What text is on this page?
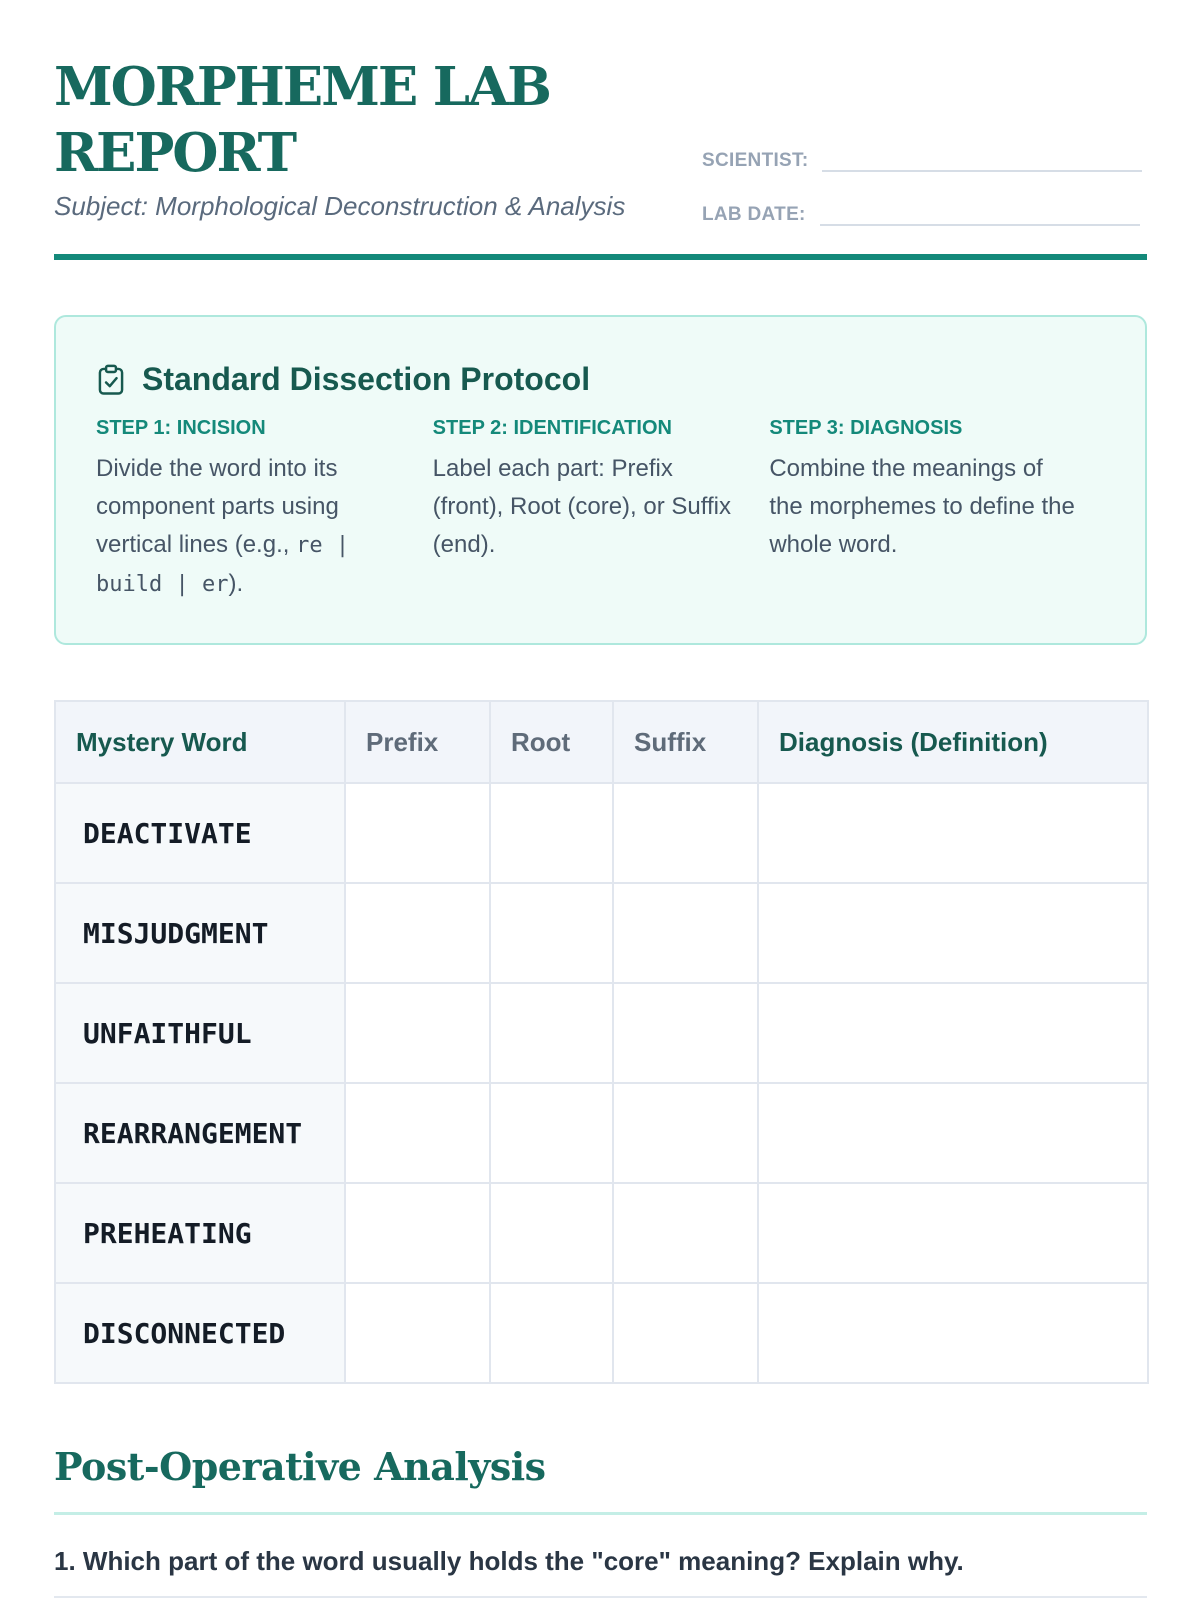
MORPHEME LAB REPORT
Subject: Morphological Deconstruction & Analysis
SCIENTIST:
LAB DATE:
Standard Dissection Protocol
STEP 1: INCISION
Divide the word into its component parts using vertical lines (e.g., re | build | er).
STEP 2: IDENTIFICATION
Label each part: Prefix (front), Root (core), or Suffix (end).
STEP 3: DIAGNOSIS
Combine the meanings of the morphemes to define the whole word.
Mystery Word	Prefix	Root	Suffix	Diagnosis (Definition)
DEACTIVATE				
MISJUDGMENT				
UNFAITHFUL				
REARRANGEMENT				
PREHEATING				
DISCONNECTED				
Post-Operative Analysis
1. Which part of the word usually holds the "core" meaning? Explain why.
